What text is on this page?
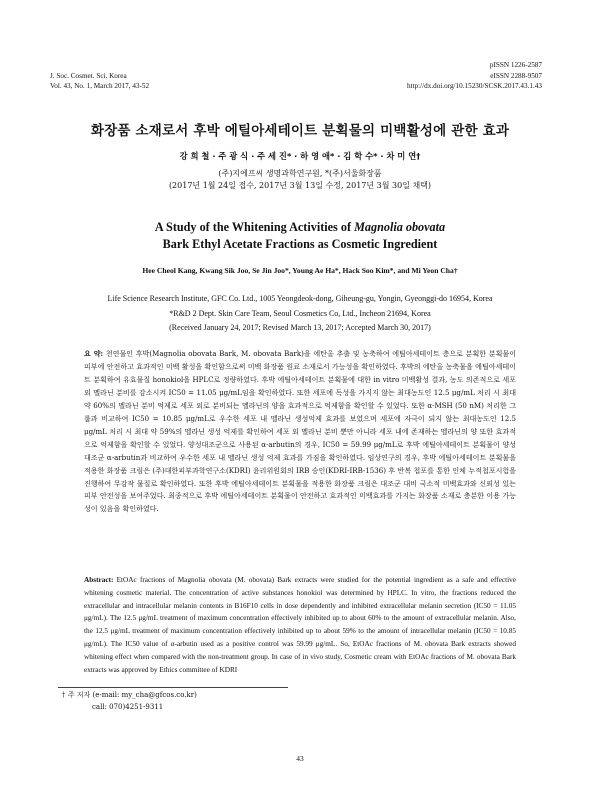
J. Soc. Cosmet. Sci. Korea
Vol. 43, No. 1, March 2017, 43-52
pISSN 1226-2587
eISSN 2288-9507
http://dx.doi.org/10.15230/SCSK.2017.43.1.43
화장품 소재로서 후박 에틸아세테이트 분획물의 미백활성에 관한 효과
강 희 철 · 주 광 식 · 주 세 진* · 하 영 애* · 김 학 수* · 차 미 연†
(주)지에프씨 생명과학연구원, *(주)서울화장품
(2017년 1월 24일 접수, 2017년 3월 13일 수정, 2017년 3월 30일 채택)
A Study of the Whitening Activities of Magnolia obovata
Bark Ethyl Acetate Fractions as Cosmetic Ingredient
Hee Cheol Kang, Kwang Sik Joo, Se Jin Joo*, Young Ae Ha*, Hack Soo Kim*, and Mi Yeon Cha†
Life Science Research Institute, GFC Co. Ltd., 1005 Yeongdeok-dong, Giheung-gu, Yongin, Gyeonggi-do 16954, Korea
*R&D 2 Dept. Skin Care Team, Seoul Cosmetics Co, Ltd., Incheon 21694, Korea
(Received January 24, 2017; Revised March 13, 2017; Accepted March 30, 2017)
요 약: 천연물인 후박(Magnolia obovata Bark, M. obovata Bark)을 에탄올 추출 및 농축하여 에틸아세테이트 층으로 분획한 분획물이 피부에 안전하고 효과적인 미백 활성을 확인함으로써 미백 화장품 원료 소재로서 가능성을 확인하였다. 후박의 에탄올 농축물을 에틸아세테이트 분획하여 유효물질 honokiol을 HPLC로 정량하였다. 후박 에틸아세테이트 분획물에 대한 in vitro 미백활성 결과, 농도 의존적으로 세포 외 멜라닌 분비를 감소시켜 IC50 = 11.05 μg/mL임을 확인하였다. 또한 세포에 독성을 가지지 않는 최대농도인 12.5 μg/mL 처리 시 최대 약 60%의 멜라닌 분비 억제로 세포 외로 분비되는 멜라닌의 양을 효과적으로 억제함을 확인할 수 있었다. 또한 α-MSH (50 nM) 처리한 그룹과 비교하여 IC50 = 10.85 μg/mL로 우수한 세포 내 멜라닌 생성억제 효과를 보였으며 세포에 자극이 되지 않는 최대농도인 12.5 μg/mL 처리 시 최대 약 59%의 멜라닌 생성 억제를 확인하여 세포 외 멜라닌 분비 뿐만 아니라 세포 내에 존재하는 멜라닌의 양 또한 효과적으로 억제함을 확인할 수 있었다. 양성대조군으로 사용된 α-arbutin의 경우, IC50 = 59.99 μg/mL로 후박 에틸아세테이트 분획물이 양성대조군 α-arbutin과 비교하여 우수한 세포 내 멜라닌 생성 억제 효과를 가짐을 확인하였다. 임상연구의 경우, 후박 에틸아세테이트 분획물을 적용한 화장품 크림은 (주)대한피부과학연구소(KDRI) 윤리위원회의 IRB 승인(KDRI-IRB-1536) 후 반복 첩포를 통한 인체 누적첩포시험을 진행하여 무감작 물질로 확인하였다. 또한 후박 에틸아세테이트 분획물을 적용한 화장품 크림은 대조군 대비 국소적 미백효과와 신뢰성 있는 피부 안전성을 보여주었다. 최종적으로 후박 에틸아세테이트 분획물이 안전하고 효과적인 미백효과를 가지는 화장품 소재로 충분한 이용 가능성이 있음을 확인하였다.
Abstract: EtOAc fractions of Magnolia obovata (M. obovata) Bark extracts were studied for the potential ingredient as a safe and effective whitening cosmetic material. The concentration of active substances honokiol was determined by HPLC. In vitro, the fractions reduced the extracellular and intracellular melanin contents in B16F10 cells in dose dependently and inhibited extracellular melanin secretion (IC50 = 11.05 μg/mL). The 12.5 μg/mL treatment of maximum concentration effectively inhibited up to about 60% to the amount of extracellular melanin. Also, the 12.5 μg/mL treatment of maximum concentration effectively inhibited up to about 59% to the amount of intracellular melanin (IC50 = 10.85 μg/mL). The IC50 value of α-arbutin used as a positive control was 59.99 μg/mL. So, EtOAc fractions of M. obovata Bark extracts showed whitening effect when compared with the non-treatment group. In case of in vivo study, Cosmetic cream with EtOAc fractions of M. obovata Bark extracts was approved by Ethics committee of KDRI
† 주 저자 (e-mail: my_cha@gfcos.co.kr)
call: 070)4251-9311
43
